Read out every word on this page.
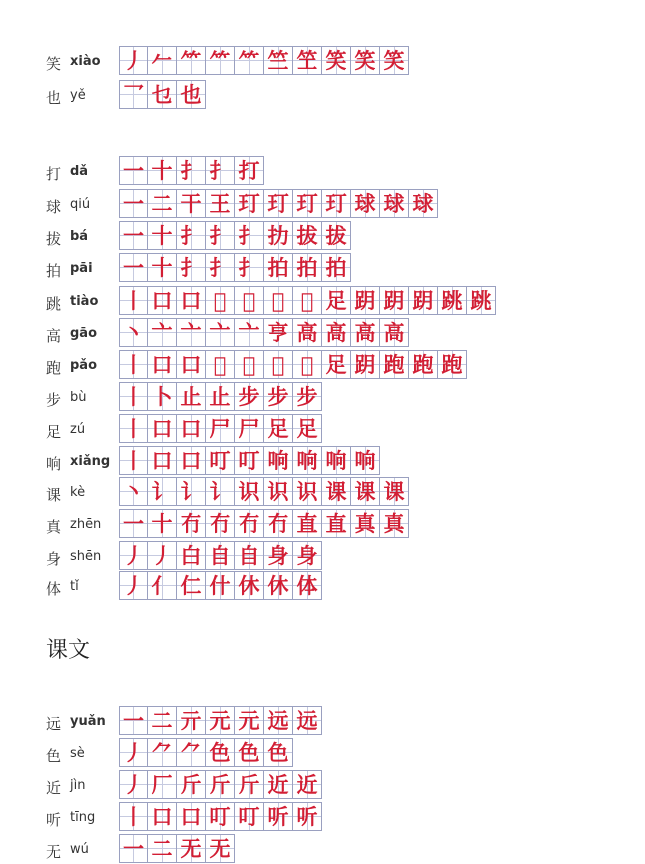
课文
笑 xiào 丿 𠂉 ⺮ ⺮ ⺮ 竺 笁 笑 笑 笑
也 yě 乛 乜 也
打 dǎ 一 十 扌 扌 打
球 qiú 一 二 干 王 玎 玎 玎 玎 球 球 球
拔 bá 一 十 扌 扌 扌 扐 拔 拔
拍 pāi 一 十 扌 扌 扌 拍 拍 拍
跳 tiào 丨 口 口 𠯁 𠯁 𠯁 𠯁 足 跀 跀 跀 跳 跳
高 gāo 丶 亠 亠 亠 亠 亨 高 高 高 高
跑 pǎo 丨 口 口 𠯁 𠯁 𠯁 𠯁 足 跀 跑 跑 跑
步 bù 丨 卜 止 止 步 步 步
足 zú 丨 口 口 尸 尸 足 足
响 xiǎng 丨 口 口 叮 叮 响 响 响 响
课 kè 丶 讠 讠 讠 识 识 识 课 课 课
真 zhēn 一 十 冇 冇 冇 冇 直 直 真 真
身 shēn 丿 丿 白 自 自 身 身
体 tǐ 丿 亻 仁 什 休 休 体
远 yuǎn 一 二 亓 元 元 远 远
色 sè 丿 ⺈ ⺈ 色 色 色
近 jìn 丿 厂 斤 斤 斤 近 近
听 tīng 丨 口 口 叮 叮 听 听
无 wú 一 二 无 无
